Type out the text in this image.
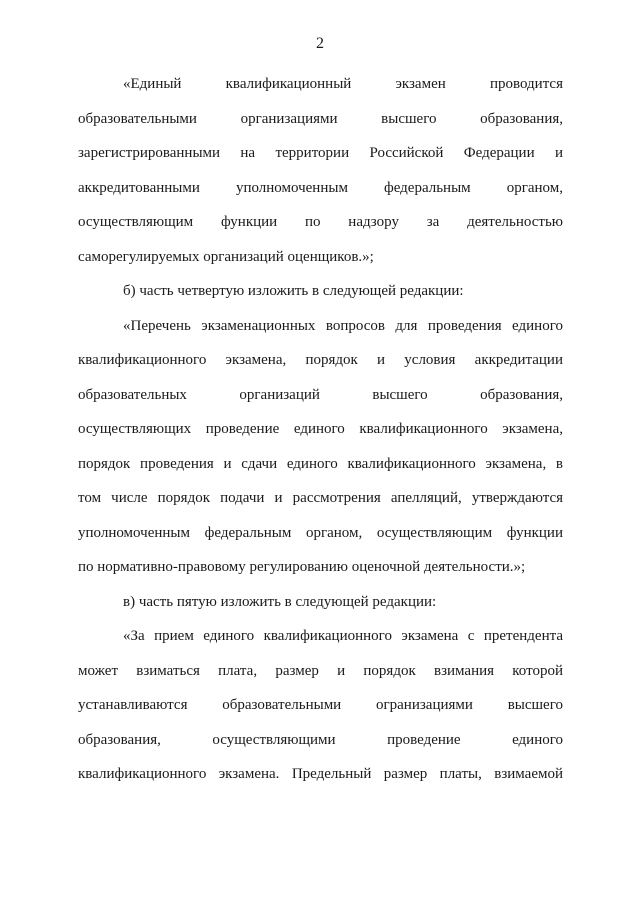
2
«Единый квалификационный экзамен проводится
образовательными организациями высшего образования,
зарегистрированными на территории Российской Федерации и
аккредитованными уполномоченным федеральным органом,
осуществляющим функции по надзору за деятельностью
саморегулируемых организаций оценщиков.»;
б) часть четвертую изложить в следующей редакции:
«Перечень экзаменационных вопросов для проведения единого
квалификационного экзамена, порядок и условия аккредитации
образовательных организаций высшего образования,
осуществляющих проведение единого квалификационного экзамена,
порядок проведения и сдачи единого квалификационного экзамена, в
том числе порядок подачи и рассмотрения апелляций, утверждаются
уполномоченным федеральным органом, осуществляющим функции
по нормативно-правовому регулированию оценочной деятельности.»;
в) часть пятую изложить в следующей редакции:
«За прием единого квалификационного экзамена с претендента
может взиматься плата, размер и порядок взимания которой
устанавливаются образовательными огранизациями высшего
образования, осуществляющими проведение единого
квалификационного экзамена. Предельный размер платы, взимаемой
